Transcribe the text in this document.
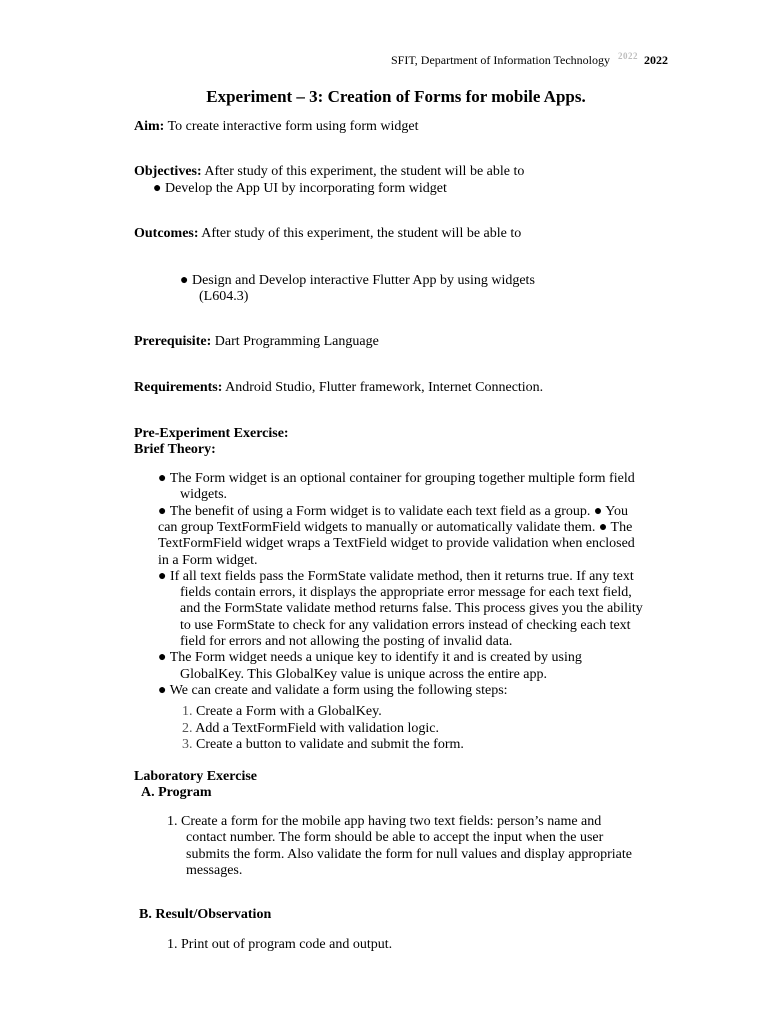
SFIT, Department of Information Technology $^{2022}$ 2022
Experiment – 3: Creation of Forms for mobile Apps.
Aim: To create interactive form using form widget
Objectives: After study of this experiment, the student will be able to
● Develop the App UI by incorporating form widget
Outcomes: After study of this experiment, the student will be able to
● Design and Develop interactive Flutter App by using widgets
(L604.3)
Prerequisite: Dart Programming Language
Requirements: Android Studio, Flutter framework, Internet Connection.
Pre-Experiment Exercise:
Brief Theory:
● The Form widget is an optional container for grouping together multiple form field
widgets.
● The benefit of using a Form widget is to validate each text field as a group. ● You
can group TextFormField widgets to manually or automatically validate them. ● The
TextFormField widget wraps a TextField widget to provide validation when enclosed
in a Form widget.
● If all text fields pass the FormState validate method, then it returns true. If any text
fields contain errors, it displays the appropriate error message for each text field,
and the FormState validate method returns false. This process gives you the ability
to use FormState to check for any validation errors instead of checking each text
field for errors and not allowing the posting of invalid data.
● The Form widget needs a unique key to identify it and is created by using
GlobalKey. This GlobalKey value is unique across the entire app.
● We can create and validate a form using the following steps:
1. Create a Form with a GlobalKey.
2. Add a TextFormField with validation logic.
3. Create a button to validate and submit the form.
Laboratory Exercise
A. Program
1. Create a form for the mobile app having two text fields: person’s name and
contact number. The form should be able to accept the input when the user
submits the form. Also validate the form for null values and display appropriate
messages.
B. Result/Observation
1. Print out of program code and output.
